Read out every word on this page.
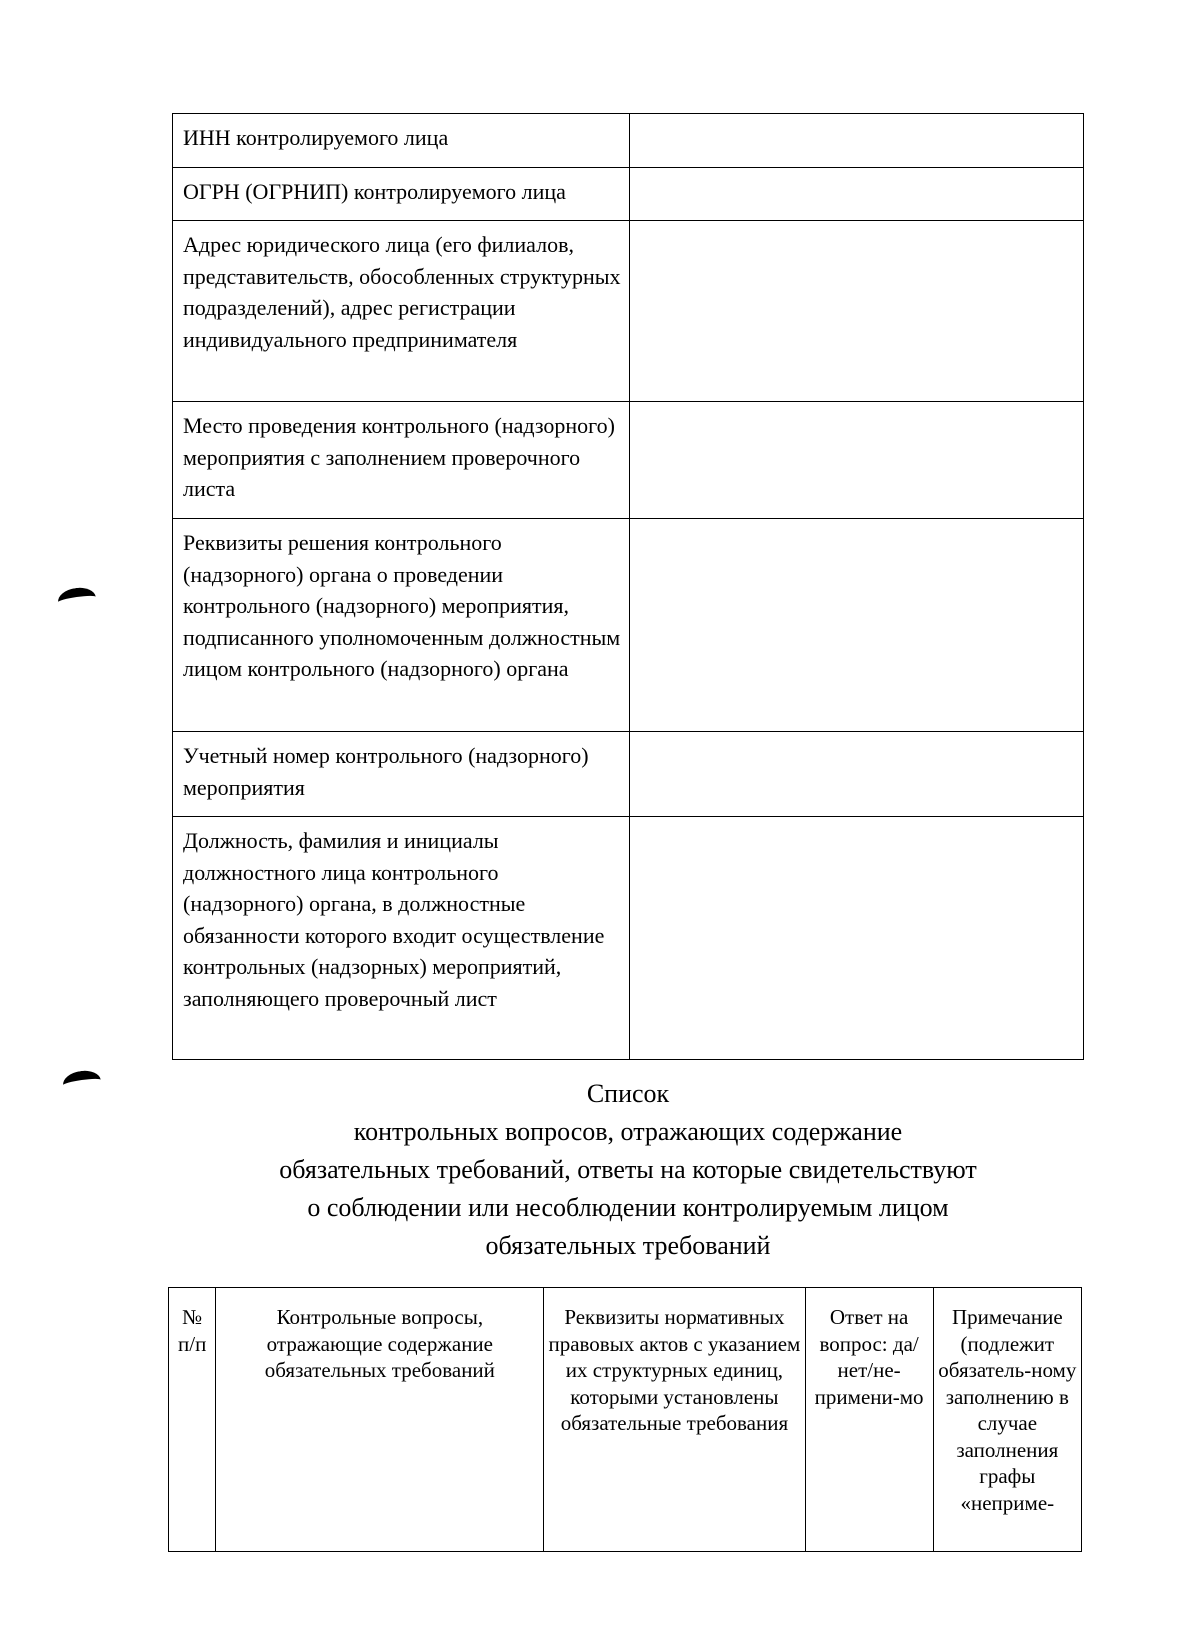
ИНН контролируемого лица	
ОГРН (ОГРНИП) контролируемого лица	
Адрес юридического лица (его филиалов, представительств, обособленных структурных подразделений), адрес регистрации индивидуального предпринимателя	
Место проведения контрольного (надзорного) мероприятия с заполнением проверочного листа	
Реквизиты решения контрольного (надзорного) органа о проведении контрольного (надзорного) мероприятия, подписанного уполномоченным должностным лицом контрольного (надзорного) органа	
Учетный номер контрольного (надзорного) мероприятия	
Должность, фамилия и инициалы должностного лица контрольного (надзорного) органа, в должностные обязанности которого входит осуществление контрольных (надзорных) мероприятий, заполняющего проверочный лист	
Список
контрольных вопросов, отражающих содержание
обязательных требований, ответы на которые свидетельствуют
о соблюдении или несоблюдении контролируемым лицом
обязательных требований
№ п/п	Контрольные вопросы, отражающие содержание обязательных требований	Реквизиты нормативных правовых актов с указанием их структурных единиц, которыми установлены обязательные требования	Ответ на вопрос: да/нет/не-примени-мо	Примечание (подлежит обязатель-ному заполнению в случае заполнения графы «неприме-
